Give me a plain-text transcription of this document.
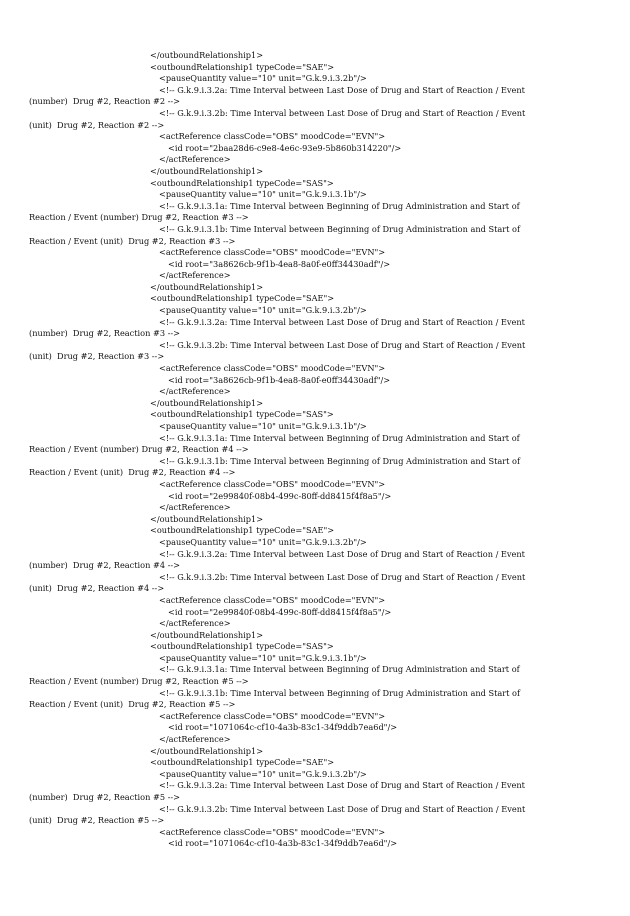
</outboundRelationship1>
<outboundRelationship1 typeCode="SAE">
<pauseQuantity value="10" unit="G.k.9.i.3.2b"/>
<!-- G.k.9.i.3.2a: Time Interval between Last Dose of Drug and Start of Reaction / Event
(number)  Drug #2, Reaction #2 -->
<!-- G.k.9.i.3.2b: Time Interval between Last Dose of Drug and Start of Reaction / Event
(unit)  Drug #2, Reaction #2 -->
<actReference classCode="OBS" moodCode="EVN">
<id root="2baa28d6-c9e8-4e6c-93e9-5b860b314220"/>
</actReference>
</outboundRelationship1>
<outboundRelationship1 typeCode="SAS">
<pauseQuantity value="10" unit="G.k.9.i.3.1b"/>
<!-- G.k.9.i.3.1a: Time Interval between Beginning of Drug Administration and Start of
Reaction / Event (number) Drug #2, Reaction #3 -->
<!-- G.k.9.i.3.1b: Time Interval between Beginning of Drug Administration and Start of
Reaction / Event (unit)  Drug #2, Reaction #3 -->
<actReference classCode="OBS" moodCode="EVN">
<id root="3a8626cb-9f1b-4ea8-8a0f-e0ff34430adf"/>
</actReference>
</outboundRelationship1>
<outboundRelationship1 typeCode="SAE">
<pauseQuantity value="10" unit="G.k.9.i.3.2b"/>
<!-- G.k.9.i.3.2a: Time Interval between Last Dose of Drug and Start of Reaction / Event
(number)  Drug #2, Reaction #3 -->
<!-- G.k.9.i.3.2b: Time Interval between Last Dose of Drug and Start of Reaction / Event
(unit)  Drug #2, Reaction #3 -->
<actReference classCode="OBS" moodCode="EVN">
<id root="3a8626cb-9f1b-4ea8-8a0f-e0ff34430adf"/>
</actReference>
</outboundRelationship1>
<outboundRelationship1 typeCode="SAS">
<pauseQuantity value="10" unit="G.k.9.i.3.1b"/>
<!-- G.k.9.i.3.1a: Time Interval between Beginning of Drug Administration and Start of
Reaction / Event (number) Drug #2, Reaction #4 -->
<!-- G.k.9.i.3.1b: Time Interval between Beginning of Drug Administration and Start of
Reaction / Event (unit)  Drug #2, Reaction #4 -->
<actReference classCode="OBS" moodCode="EVN">
<id root="2e99840f-08b4-499c-80ff-dd8415f4f8a5"/>
</actReference>
</outboundRelationship1>
<outboundRelationship1 typeCode="SAE">
<pauseQuantity value="10" unit="G.k.9.i.3.2b"/>
<!-- G.k.9.i.3.2a: Time Interval between Last Dose of Drug and Start of Reaction / Event
(number)  Drug #2, Reaction #4 -->
<!-- G.k.9.i.3.2b: Time Interval between Last Dose of Drug and Start of Reaction / Event
(unit)  Drug #2, Reaction #4 -->
<actReference classCode="OBS" moodCode="EVN">
<id root="2e99840f-08b4-499c-80ff-dd8415f4f8a5"/>
</actReference>
</outboundRelationship1>
<outboundRelationship1 typeCode="SAS">
<pauseQuantity value="10" unit="G.k.9.i.3.1b"/>
<!-- G.k.9.i.3.1a: Time Interval between Beginning of Drug Administration and Start of
Reaction / Event (number) Drug #2, Reaction #5 -->
<!-- G.k.9.i.3.1b: Time Interval between Beginning of Drug Administration and Start of
Reaction / Event (unit)  Drug #2, Reaction #5 -->
<actReference classCode="OBS" moodCode="EVN">
<id root="1071064c-cf10-4a3b-83c1-34f9ddb7ea6d"/>
</actReference>
</outboundRelationship1>
<outboundRelationship1 typeCode="SAE">
<pauseQuantity value="10" unit="G.k.9.i.3.2b"/>
<!-- G.k.9.i.3.2a: Time Interval between Last Dose of Drug and Start of Reaction / Event
(number)  Drug #2, Reaction #5 -->
<!-- G.k.9.i.3.2b: Time Interval between Last Dose of Drug and Start of Reaction / Event
(unit)  Drug #2, Reaction #5 -->
<actReference classCode="OBS" moodCode="EVN">
<id root="1071064c-cf10-4a3b-83c1-34f9ddb7ea6d"/>
